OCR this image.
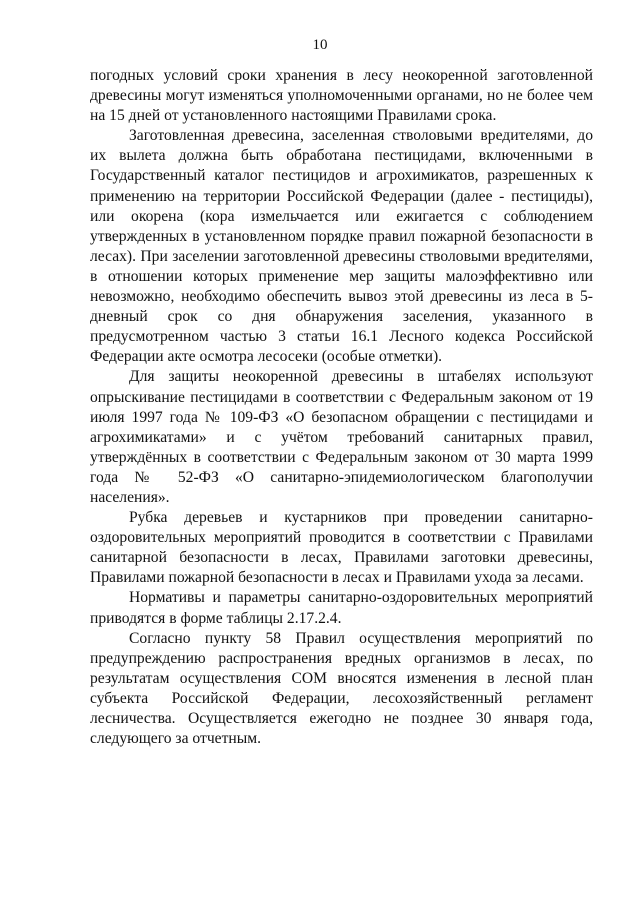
10

погодных условий сроки хранения в лесу неокоренной заготовленной древесины могут изменяться уполномоченными органами, но не более чем на 15 дней от установленного настоящими Правилами срока.

Заготовленная древесина, заселенная стволовыми вредителями, до их вылета должна быть обработана пестицидами, включенными в Государственный каталог пестицидов и агрохимикатов, разрешенных к применению на территории Российской Федерации (далее - пестициды), или окорена (кора измельчается или ежигается с соблюдением утвержденных в установленном порядке правил пожарной безопасности в лесах). При заселении заготовленной древесины стволовыми вредителями, в отношении которых применение мер защиты малоэффективно или невозможно, необходимо обеспечить вывоз этой древесины из леса в 5-дневный срок со дня обнаружения заселения, указанного в предусмотренном частью 3 статьи 16.1 Лесного кодекса Российской Федерации акте осмотра лесосеки (особые отметки).

Для защиты неокоренной древесины в штабелях используют опрыскивание пестицидами в соответствии с Федеральным законом от 19 июля 1997 года № 109-ФЗ «О безопасном обращении с пестицидами и агрохимикатами» и с учётом требований санитарных правил, утверждённых в соответствии с Федеральным законом от 30 марта 1999 года № 52-ФЗ «О санитарно-эпидемиологическом благополучии населения».

Рубка деревьев и кустарников при проведении санитарно-оздоровительных мероприятий проводится в соответствии с Правилами санитарной безопасности в лесах, Правилами заготовки древесины, Правилами пожарной безопасности в лесах и Правилами ухода за лесами.

Нормативы и параметры санитарно-оздоровительных мероприятий приводятся в форме таблицы 2.17.2.4.

Согласно пункту 58 Правил осуществления мероприятий по предупреждению распространения вредных организмов в лесах, по результатам осуществления СОМ вносятся изменения в лесной план субъекта Российской Федерации, лесохозяйственный регламент лесничества. Осуществляется ежегодно не позднее 30 января года, следующего за отчетным.
